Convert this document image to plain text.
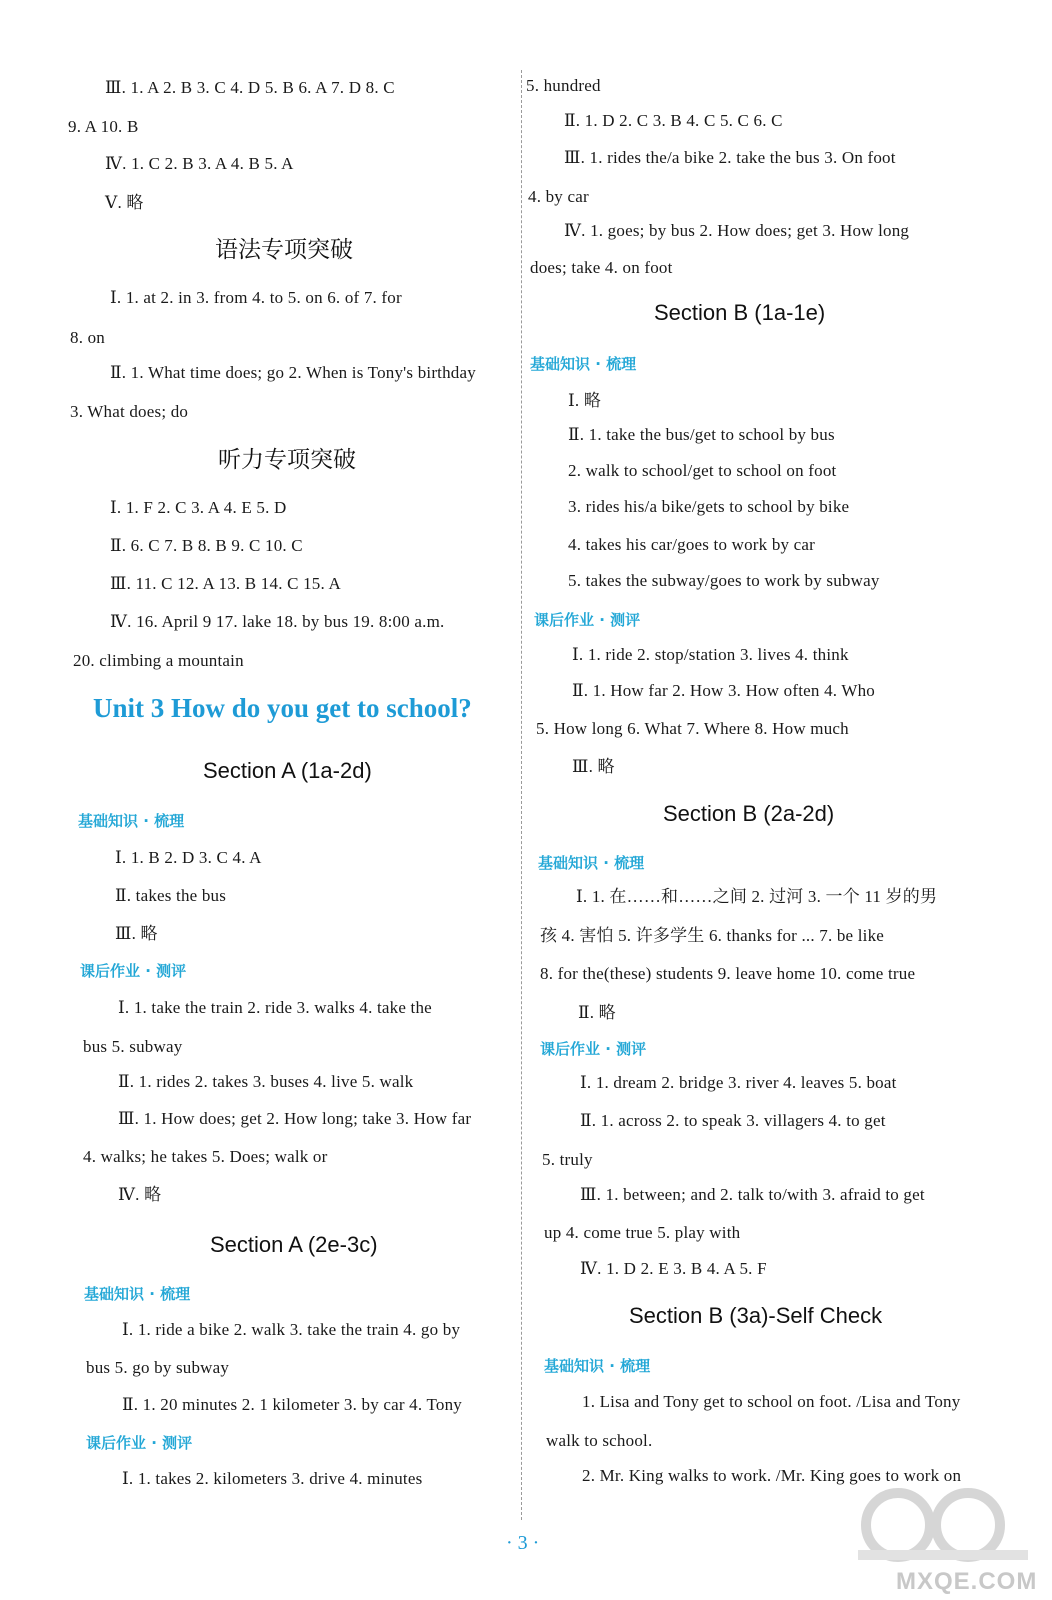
Ⅲ. 1. A 2. B 3. C 4. D 5. B 6. A 7. D 8. C
9. A 10. B
Ⅳ. 1. C 2. B 3. A 4. B 5. A
Ⅴ. 略
语法专项突破
Ⅰ. 1. at 2. in 3. from 4. to 5. on 6. of 7. for
8. on
Ⅱ. 1. What time does; go 2. When is Tony's birthday
3. What does; do
听力专项突破
Ⅰ. 1. F 2. C 3. A 4. E 5. D
Ⅱ. 6. C 7. B 8. B 9. C 10. C
Ⅲ. 11. C 12. A 13. B 14. C 15. A
Ⅳ. 16. April 9 17. lake 18. by bus 19. 8:00 a.m.
20. climbing a mountain
Unit 3 How do you get to school?
Section A (1a-2d)
基础知识 · 梳理
Ⅰ. 1. B 2. D 3. C 4. A
Ⅱ. takes the bus
Ⅲ. 略
课后作业 · 测评
Ⅰ. 1. take the train 2. ride 3. walks 4. take the
bus 5. subway
Ⅱ. 1. rides 2. takes 3. buses 4. live 5. walk
Ⅲ. 1. How does; get 2. How long; take 3. How far
4. walks; he takes 5. Does; walk or
Ⅳ. 略
Section A (2e-3c)
基础知识 · 梳理
Ⅰ. 1. ride a bike 2. walk 3. take the train 4. go by
bus 5. go by subway
Ⅱ. 1. 20 minutes 2. 1 kilometer 3. by car 4. Tony
课后作业 · 测评
Ⅰ. 1. takes 2. kilometers 3. drive 4. minutes
5. hundred
Ⅱ. 1. D 2. C 3. B 4. C 5. C 6. C
Ⅲ. 1. rides the/a bike 2. take the bus 3. On foot
4. by car
Ⅳ. 1. goes; by bus 2. How does; get 3. How long
does; take 4. on foot
Section B (1a-1e)
基础知识 · 梳理
Ⅰ. 略
Ⅱ. 1. take the bus/get to school by bus
2. walk to school/get to school on foot
3. rides his/a bike/gets to school by bike
4. takes his car/goes to work by car
5. takes the subway/goes to work by subway
课后作业 · 测评
Ⅰ. 1. ride 2. stop/station 3. lives 4. think
Ⅱ. 1. How far 2. How 3. How often 4. Who
5. How long 6. What 7. Where 8. How much
Ⅲ. 略
Section B (2a-2d)
基础知识 · 梳理
Ⅰ. 1. 在……和……之间 2. 过河 3. 一个 11 岁的男
孩 4. 害怕 5. 许多学生 6. thanks for ... 7. be like
8. for the(these) students 9. leave home 10. come true
Ⅱ. 略
课后作业 · 测评
Ⅰ. 1. dream 2. bridge 3. river 4. leaves 5. boat
Ⅱ. 1. across 2. to speak 3. villagers 4. to get
5. truly
Ⅲ. 1. between; and 2. talk to/with 3. afraid to get
up 4. come true 5. play with
Ⅳ. 1. D 2. E 3. B 4. A 5. F
Section B (3a)-Self Check
基础知识 · 梳理
1. Lisa and Tony get to school on foot. /Lisa and Tony
walk to school.
2. Mr. King walks to work. /Mr. King goes to work on
· 3 ·
MXQE.COM
